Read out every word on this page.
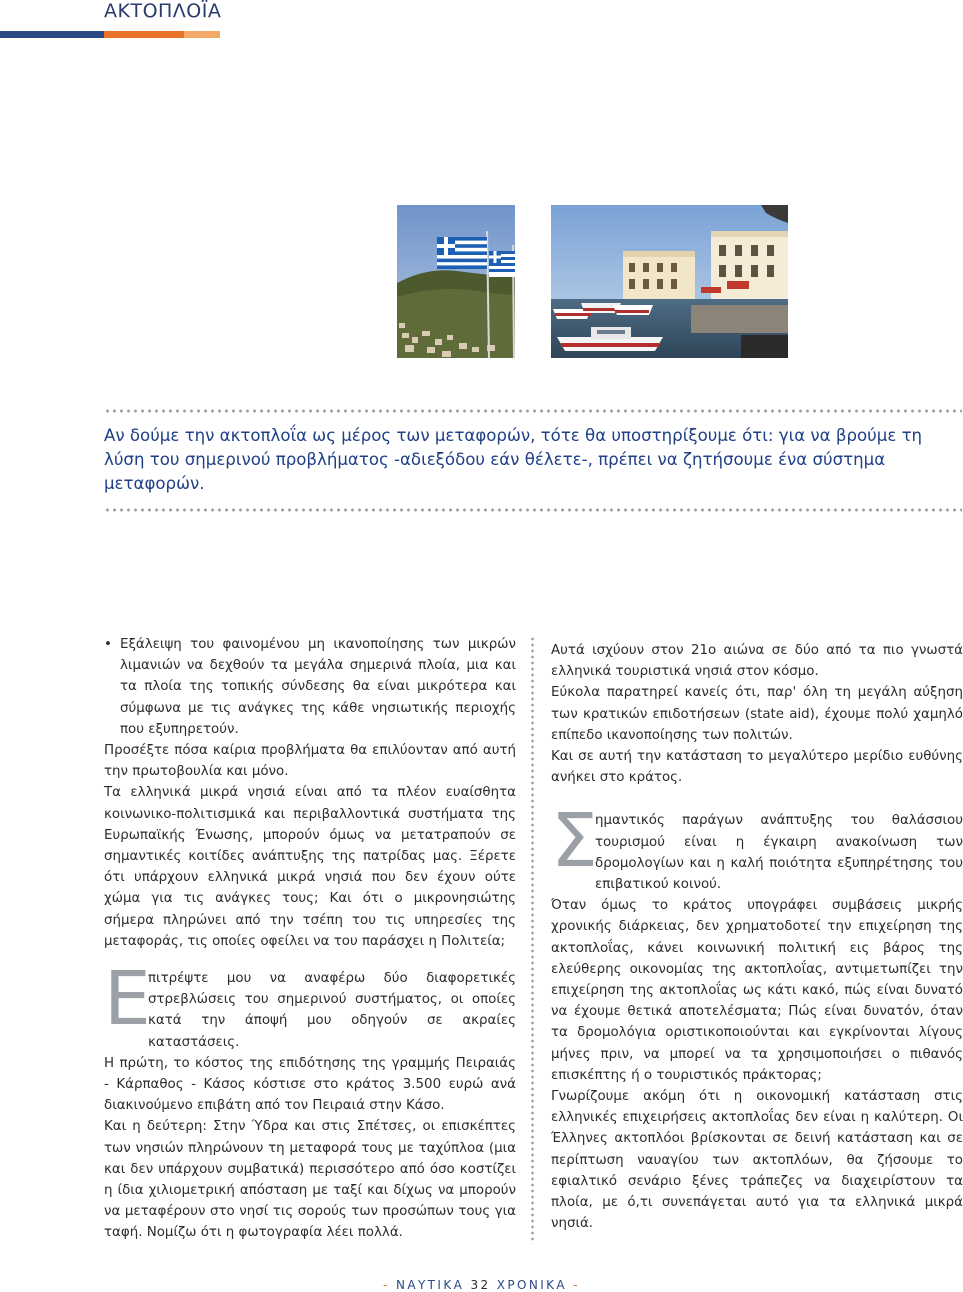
ΑΚΤΟΠΛΟΪΑ

Αν δούμε την ακτοπλοΐα ως μέρος των μεταφορών, τότε θα υποστηρίξουμε ότι: για να βρούμε τη λύση του σημερινού προβλήματος -αδιεξόδου εάν θέλετε-, πρέπει να ζητήσουμε ένα σύστημα μεταφορών.

• Εξάλειψη του φαινομένου μη ικανοποίησης των μικρών λιμανιών να δεχθούν τα μεγάλα σημερινά πλοία, μια και τα πλοία της τοπικής σύνδεσης θα είναι μικρότερα και σύμφωνα με τις ανάγκες της κάθε νησιωτικής περιοχής που εξυπηρετούν.

Προσέξτε πόσα καίρια προβλήματα θα επιλύονταν από αυτή την πρωτοβουλία και μόνο.

Τα ελληνικά μικρά νησιά είναι από τα πλέον ευαίσθητα κοινωνικο-πολιτισμικά και περιβαλλοντικά συστήματα της Ευρωπαϊκής Ένωσης, μπορούν όμως να μετατραπούν σε σημαντικές κοιτίδες ανάπτυξης της πατρίδας μας. Ξέρετε ότι υπάρχουν ελληνικά μικρά νησιά που δεν έχουν ούτε χώμα για τις ανάγκες τους; Και ότι ο μικρονησιώτης σήμερα πληρώνει από την τσέπη του τις υπηρεσίες της μεταφοράς, τις οποίες οφείλει να του παράσχει η Πολιτεία;

Ε

πιτρέψτε μου να αναφέρω δύο διαφορετικές στρεβλώσεις του σημερινού συστήματος, οι οποίες κατά την άποψή μου οδηγούν σε ακραίες καταστάσεις.

Η πρώτη, το κόστος της επιδότησης της γραμμής Πειραιάς - Κάρπαθος - Κάσος κόστισε στο κράτος 3.500 ευρώ ανά διακινούμενο επιβάτη από τον Πειραιά στην Κάσο.

Και η δεύτερη: Στην Ύδρα και στις Σπέτσες, οι επισκέπτες των νησιών πληρώνουν τη μεταφορά τους με ταχύπλοα (μια και δεν υπάρχουν συμβατικά) περισσότερο από όσο κοστίζει η ίδια χιλιομετρική απόσταση με ταξί και δίχως να μπορούν να μεταφέρουν στο νησί τις σορούς των προσώπων τους για ταφή. Νομίζω ότι η φωτογραφία λέει πολλά.

Αυτά ισχύουν στον 21ο αιώνα σε δύο από τα πιο γνωστά ελληνικά τουριστικά νησιά στον κόσμο.

Εύκολα παρατηρεί κανείς ότι, παρ' όλη τη μεγάλη αύξηση των κρατικών επιδοτήσεων (state aid), έχουμε πολύ χαμηλό επίπεδο ικανοποίησης των πολιτών.

Και σε αυτή την κατάσταση το μεγαλύτερο μερίδιο ευθύνης ανήκει στο κράτος.

Σ

ημαντικός παράγων ανάπτυξης του θαλάσσιου τουρισμού είναι η έγκαιρη ανακοίνωση των δρομολογίων και η καλή ποιότητα εξυπηρέτησης του επιβατικού κοινού.

Όταν όμως το κράτος υπογράφει συμβάσεις μικρής χρονικής διάρκειας, δεν χρηματοδοτεί την επιχείρηση της ακτοπλοΐας, κάνει κοινωνική πολιτική εις βάρος της ελεύθερης οικονομίας της ακτοπλοΐας, αντιμετωπίζει την επιχείρηση της ακτοπλοΐας ως κάτι κακό, πώς είναι δυνατό να έχουμε θετικά αποτελέσματα; Πώς είναι δυνατόν, όταν τα δρομολόγια οριστικοποιούνται και εγκρίνονται λίγους μήνες πριν, να μπορεί να τα χρησιμοποιήσει ο πιθανός επισκέπτης ή ο τουριστικός πράκτορας;

Γνωρίζουμε ακόμη ότι η οικονομική κατάσταση στις ελληνικές επιχειρήσεις ακτοπλοΐας δεν είναι η καλύτερη. Οι Έλληνες ακτοπλόοι βρίσκονται σε δεινή κατάσταση και σε περίπτωση ναυαγίου των ακτοπλόων, θα ζήσουμε το εφιαλτικό σενάριο ξένες τράπεζες να διαχειρίστουν τα πλοία, με ό,τι συνεπάγεται αυτό για τα ελληνικά μικρά νησιά.

- ΝΑΥΤΙΚΑ 32 ΧΡΟΝΙΚΑ -
